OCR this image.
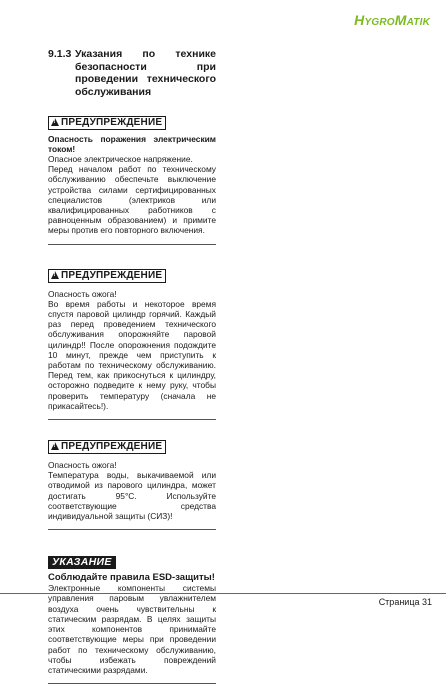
HYGROMATIK
9.1.3 Указания по технике безопасности при проведении технического обслуживания
!ПРЕДУПРЕЖДЕНИЕ
Опасность поражения электрическим током!
Опасное электрическое напряжение.
Перед началом работ по техническому обслуживанию обеспечьте выключение устройства силами сертифицированных специалистов (электриков или квалифицированных работников с равноценным образованием) и примите меры против его повторного включения.
!ПРЕДУПРЕЖДЕНИЕ
Опасность ожога!
Во время работы и некоторое время спустя паровой цилиндр горячий. Каждый раз перед проведением технического обслуживания опорожняйте паровой цилиндр!! После опорожнения подождите 10 минут, прежде чем приступить к работам по техническому обслуживанию. Перед тем, как прикоснуться к цилиндру, осторожно подведите к нему руку, чтобы проверить температуру (сначала не прикасайтесь!).
!ПРЕДУПРЕЖДЕНИЕ
Опасность ожога!
Температура воды, выкачиваемой или отводимой из парового цилиндра, может достигать 95°С. Используйте соответствующие средства индивидуальной защиты (СИЗ)!
УКАЗАНИЕ
Соблюдайте правила ESD-защиты!
Электронные компоненты системы управления паровым увлажнителем воздуха очень чувствительны к статическим разрядам. В целях защиты этих компонентов принимайте соответствующие меры при проведении работ по техническому обслуживанию, чтобы избежать повреждений статическими разрядами.
Страница 31
